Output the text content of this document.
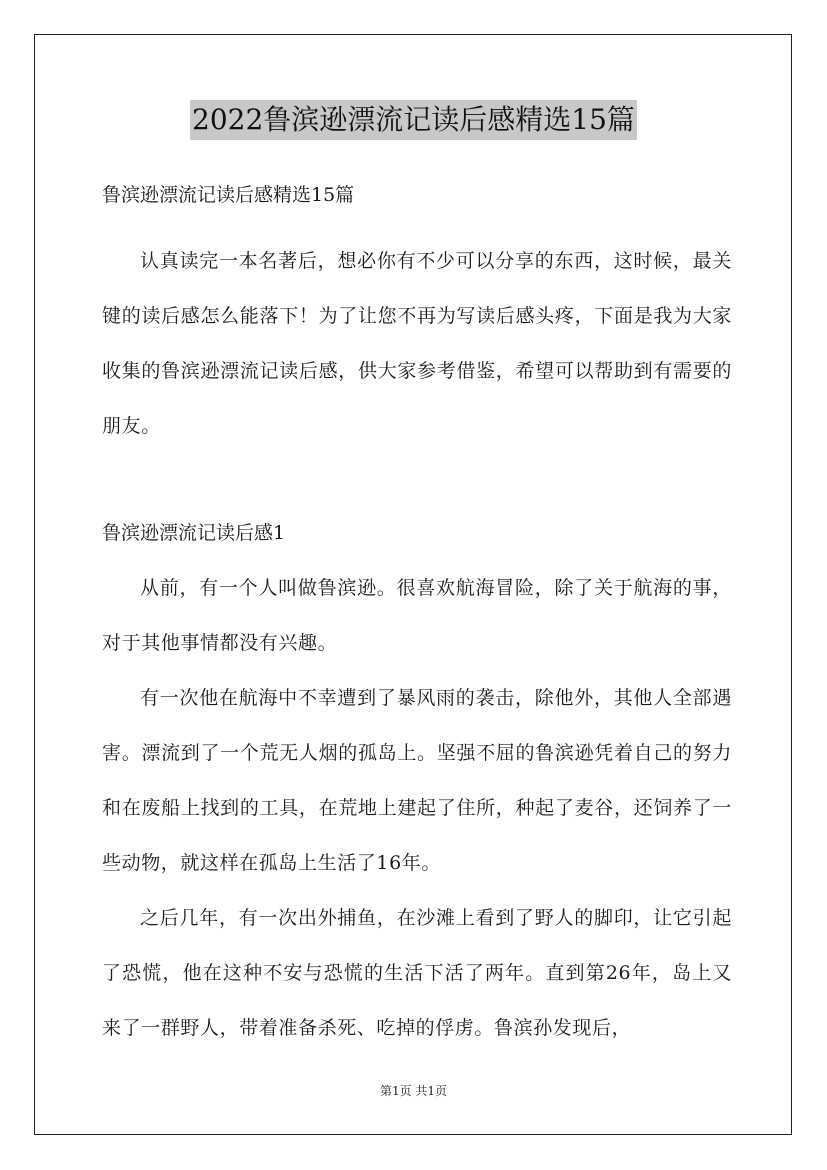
2022鲁滨逊漂流记读后感精选15篇

鲁滨逊漂流记读后感精选15篇

认真读完一本名著后，想必你有不少可以分享的东西，这时候，最关键的读后感怎么能落下！为了让您不再为写读后感头疼，下面是我为大家收集的鲁滨逊漂流记读后感，供大家参考借鉴，希望可以帮助到有需要的朋友。

鲁滨逊漂流记读后感1

从前，有一个人叫做鲁滨逊。很喜欢航海冒险，除了关于航海的事，对于其他事情都没有兴趣。

有一次他在航海中不幸遭到了暴风雨的袭击，除他外，其他人全部遇害。漂流到了一个荒无人烟的孤岛上。坚强不屈的鲁滨逊凭着自己的努力和在废船上找到的工具，在荒地上建起了住所，种起了麦谷，还饲养了一些动物，就这样在孤岛上生活了16年。

之后几年，有一次出外捕鱼，在沙滩上看到了野人的脚印，让它引起了恐慌，他在这种不安与恐慌的生活下活了两年。直到第26年，岛上又来了一群野人，带着准备杀死、吃掉的俘虏。鲁滨孙发现后，

第1页 共1页
